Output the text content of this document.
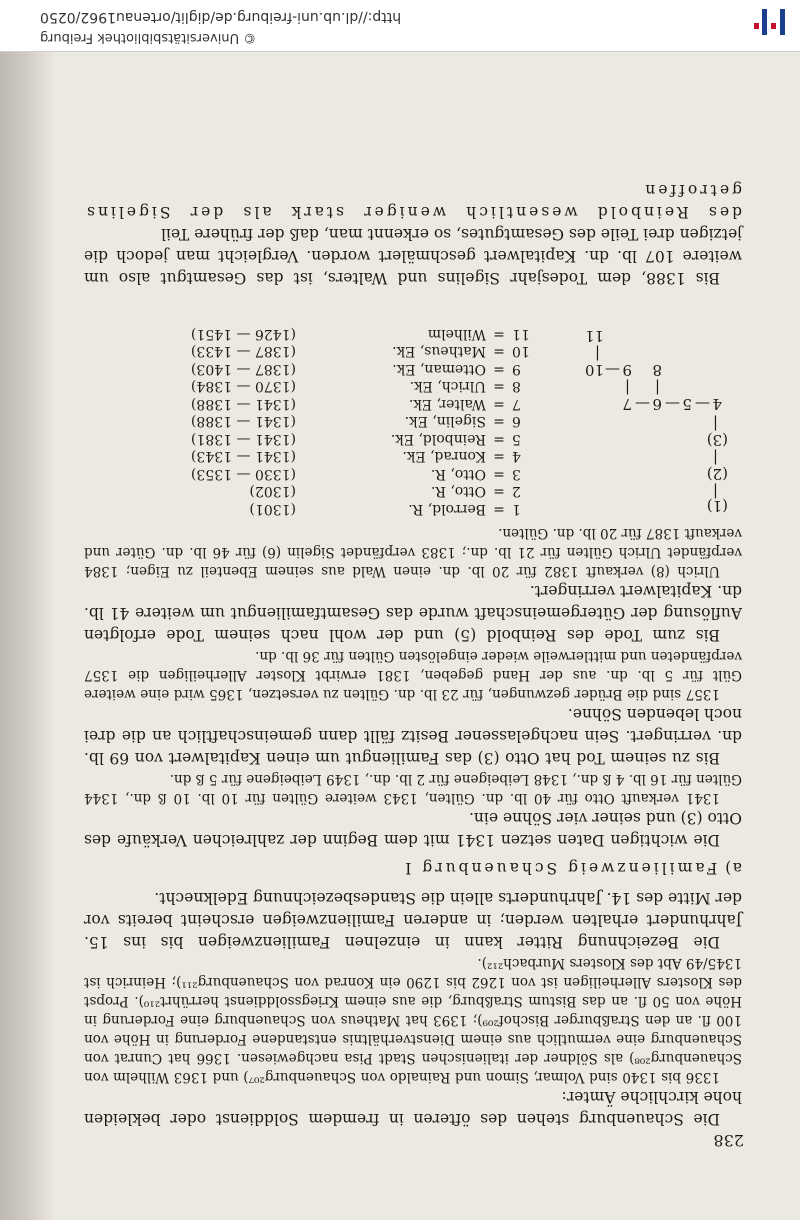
Die Schauenburg stehen des öfteren in fremdem Solddienst oder bekleiden hohe kirchliche Ämter:

1336 bis 1340 sind Volmar, Simon und Rainaldo von Schauenburg²⁰⁷) und 1363 Wilhelm von Schauenburg²⁰⁸) als Söldner der italienischen Stadt Pisa nachgewiesen. 1366 hat Cunrat von Schauenburg eine vermutlich aus einem Dienstverhältnis entstandene Forderung in Höhe von 100 fl. an den Straßburger Bischof²⁰⁹); 1393 hat Matheus von Schauenburg eine Forderung in Höhe von 50 fl. an das Bistum Straßburg, die aus einem Kriegssolddienst herrührt²¹⁰). Propst des Klosters Allerheiligen ist von 1262 bis 1290 ein Konrad von Schauenburg²¹¹); Heinrich ist 1345/49 Abt des Klosters Murbach²¹²).

Die Bezeichnung Ritter kann in einzelnen Familienzweigen bis ins 15. Jahrhundert erhalten werden; in anderen Familienzweigen erscheint bereits vor der Mitte des 14. Jahrhunderts allein die Standesbezeichnung Edelknecht.

a) Familienzweig Schauenburg I

Die wichtigen Daten setzen 1341 mit dem Beginn der zahlreichen Verkäufe des Otto (3) und seiner vier Söhne ein.

1341 verkauft Otto für 40 lb. dn. Gülten, 1343 weitere Gülten für 10 lb. 10 ß dn., 1344 Gülten für 16 lb. 4 ß dn., 1348 Leibeigene für 2 lb. dn., 1349 Leibeigene für 5 ß dn.

Bis zu seinem Tod hat Otto (3) das Familiengut um einen Kapitalwert von 69 lb. dn. verringert. Sein nachgelassener Besitz fällt dann gemeinschaftlich an die drei noch lebenden Söhne.

1357 sind die Brüder gezwungen, für 23 lb. dn. Gülten zu versetzen, 1365 wird eine weitere Gült für 5 lb. dn. aus der Hand gegeben, 1381 erwirbt Kloster Allerheiligen die 1357 verpfändeten und mittlerweile wieder eingelösten Gülten für 36 lb. dn.

Bis zum Tode des Reinbold (5) und der wohl nach seinem Tode erfolgten Auflösung der Gütergemeinschaft wurde das Gesamtfamiliengut um weitere 41 lb. dn. Kapitalwert verringert.

Ulrich (8) verkauft 1382 für 20 lb. dn. einen Wald aus seinem Ebenteil zu Eigen; 1384 verpfändet Ulrich Gülten für 21 lb. dn.; 1383 verpfändet Sigelin (6) für 46 lb. dn. Güter und verkauft 1387 für 20 lb. dn. Gülten.

(1)
|
(2)
|
(3)
|
4
—
5
—
6
—
7
|
|
8
9
—
10
|
11
1
=
Berrold, R.
(1301)
2
=
Otto, R.
(1302)
3
=
Otto, R.
(1330 — 1353)
4
=
Konrad, Ek.
(1341 — 1343)
5
=
Reinbold, Ek.
(1341 — 1381)
6
=
Sigelin, Ek.
(1341 — 1388)
7
=
Walter, Ek.
(1341 — 1388)
8
=
Ulrich, Ek.
(1370 — 1384)
9
=
Otteman, Ek.
(1387 — 1403)
10
=
Matheus, Ek.
(1387 — 1433)
11
=
Wilhelm
(1426 — 1451)

Bis 1388, dem Todesjahr Sigelins und Walters, ist das Gesamtgut also um weitere 107 lb. dn. Kapitalwert geschmälert worden. Vergleicht man jedoch die jetzigen drei Teile des Gesamtgutes, so erkennt man, daß der frühere Teil

des Reinbold wesentlich weniger stark als der Sigelins getroffen

© Universitätsbibliothek Freiburg
http://dl.ub.uni-freiburg.de/diglit/ortenau1962/0250
238
